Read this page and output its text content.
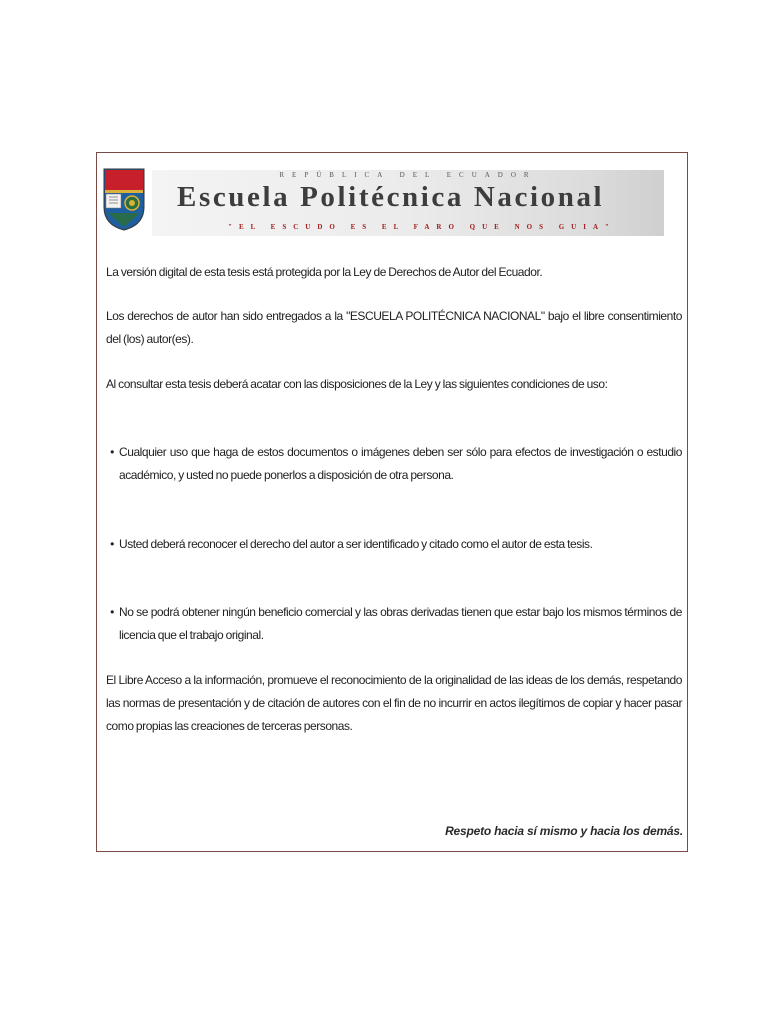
REPÚBLICA DEL ECUADOR
Escuela Politécnica Nacional
"EL ESCUDO ES EL FARO QUE NOS GUIA"
La versión digital de esta tesis está protegida por la Ley de Derechos de Autor del Ecuador.
Los derechos de autor han sido entregados a la "ESCUELA POLITÉCNICA NACIONAL" bajo el libre consentimiento del (los) autor(es).
Al consultar esta tesis deberá acatar con las disposiciones de la Ley y las siguientes condiciones de uso:
• Cualquier uso que haga de estos documentos o imágenes deben ser sólo para efectos de investigación o estudio académico, y usted no puede ponerlos a disposición de otra persona.
• Usted deberá reconocer el derecho del autor a ser identificado y citado como el autor de esta tesis.
• No se podrá obtener ningún beneficio comercial y las obras derivadas tienen que estar bajo los mismos términos de licencia que el trabajo original.
El Libre Acceso a la información, promueve el reconocimiento de la originalidad de las ideas de los demás, respetando las normas de presentación y de citación de autores con el fin de no incurrir en actos ilegítimos de copiar y hacer pasar como propias las creaciones de terceras personas.
Respeto hacia sí mismo y hacia los demás.
